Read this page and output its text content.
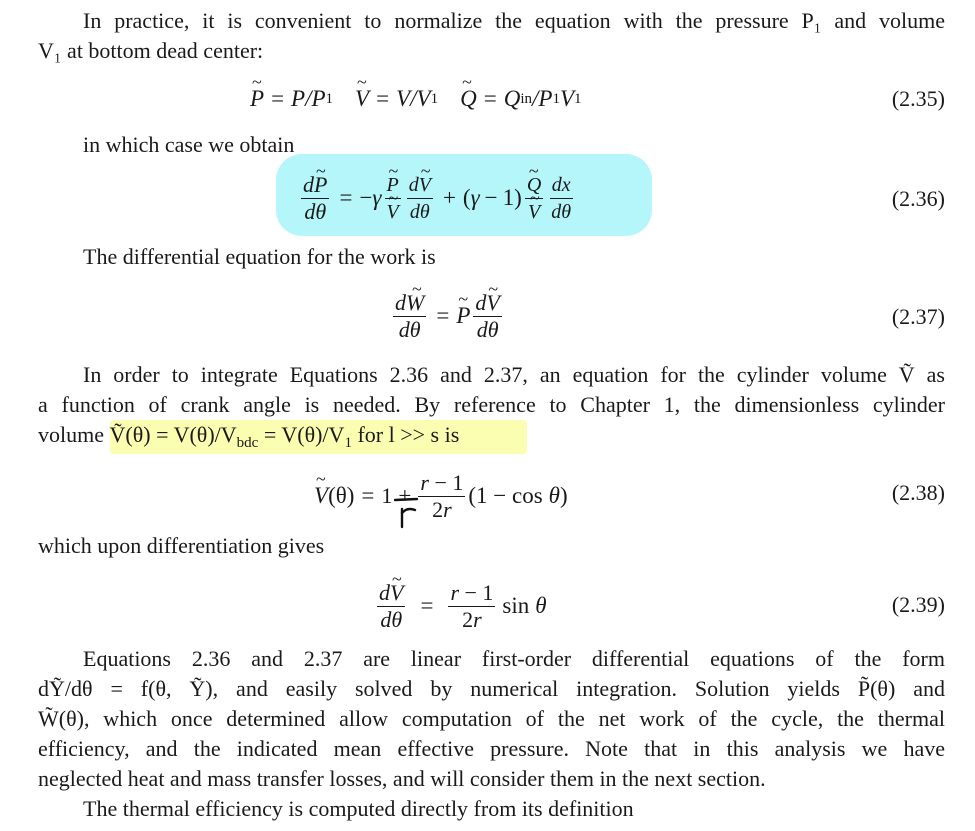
In practice, it is convenient to normalize the equation with the pressure P₁ and volume
V₁ at bottom dead center:
~ P = P/P 1 ~ V = V/V 1 ~ Q = Q in /P 1 V 1	(2.35)
in which case we obtain
$\frac{d\sim P}{d\theta}$ = − γ ~ P
~ V $\frac{d\sim V}{d\theta}$ + ( γ − 1) ~ Q
~ V $\frac{dx}{d\theta}$	(2.36)
The differential equation for the work is
$\frac{d\sim W}{d\theta}$ = ~ P $\frac{d\sim V}{d\theta}$	(2.37)
In order to integrate Equations 2.36 and 2.37, an equation for the cylinder volume Ṽ as
a function of crank angle is needed. By reference to Chapter 1, the dimensionless cylinder
volume Ṽ(θ) = $V(\theta)/V_{bdc} = V(\theta)/V_1$ for l >> s is
~ V $(\theta) = 1 + \frac{r - 1}{2r} (1 - \cos \theta$ )	(2.38)
which upon differentiation gives
$\frac{d\sim V}{d\theta} = \frac{r - 1}{2r}$ sin θ	(2.39)
Equations 2.36 and 2.37 are linear first-order differential equations of the form
dỸ/dθ = f(θ, Ỹ), and easily solved by numerical integration. Solution yields P̃(θ) and
W̃(θ), which once determined allow computation of the net work of the cycle, the thermal
efficiency, and the indicated mean effective pressure. Note that in this analysis we have
neglected heat and mass transfer losses, and will consider them in the next section.
The thermal efficiency is computed directly from its definition
